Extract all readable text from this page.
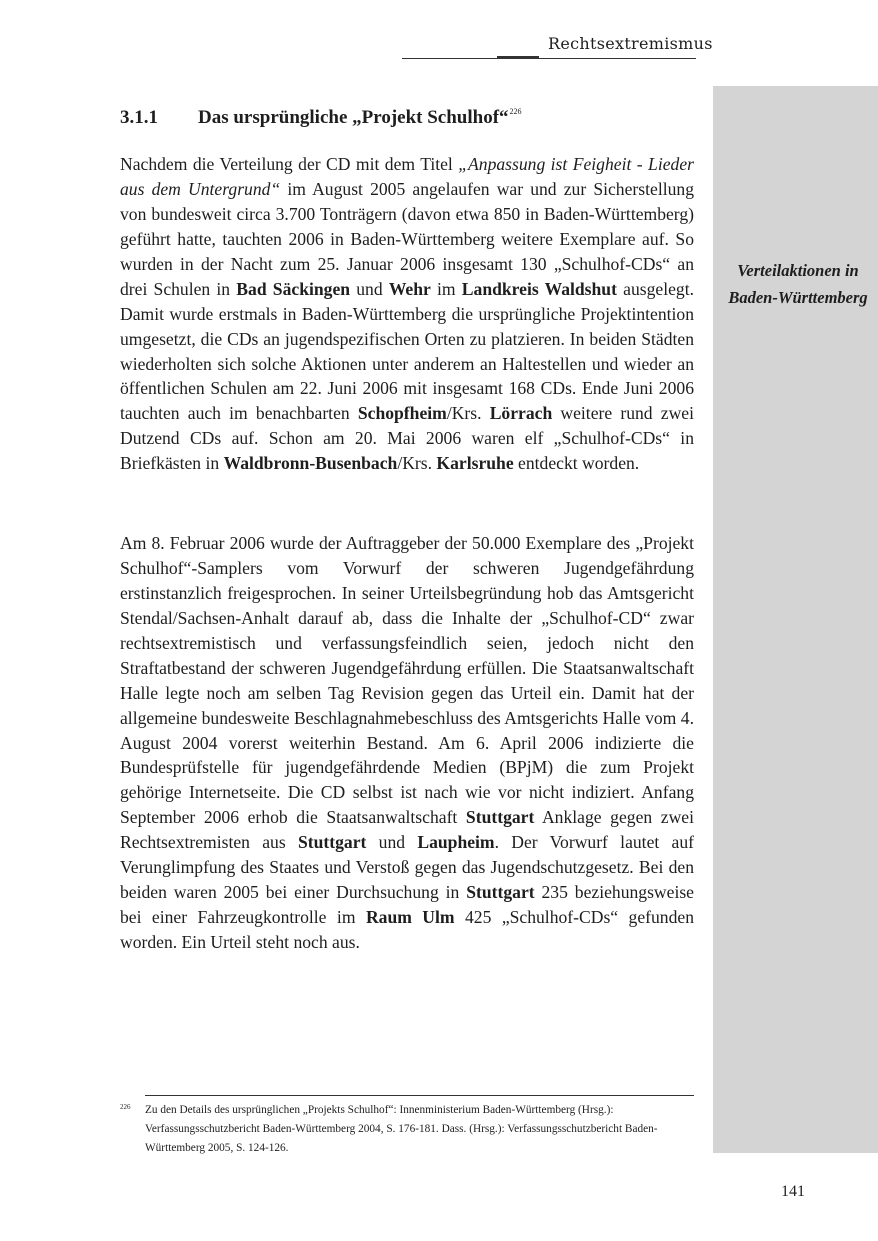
Rechtsextremismus
Verteilaktionen in Baden-Württemberg
3.1.1 Das ursprüngliche „Projekt Schulhof“$^{226}$

Nachdem die Verteilung der CD mit dem Titel „Anpassung ist Feigheit - Lieder aus dem Untergrund“ im August 2005 angelaufen war und zur Sicherstellung von bundesweit circa 3.700 Tonträgern (davon etwa 850 in Baden-Württemberg) geführt hatte, tauchten 2006 in Baden-Württemberg weitere Exemplare auf. So wurden in der Nacht zum 25. Januar 2006 insgesamt 130 „Schulhof-CDs“ an drei Schulen in Bad Säckingen und Wehr im Landkreis Waldshut ausgelegt. Damit wurde erstmals in Baden-Württemberg die ursprüngliche Projektintention umgesetzt, die CDs an jugendspezifischen Orten zu platzieren. In beiden Städten wiederholten sich solche Aktionen unter anderem an Haltestellen und wieder an öffentlichen Schulen am 22. Juni 2006 mit insgesamt 168 CDs. Ende Juni 2006 tauchten auch im benachbarten Schopfheim/Krs. Lörrach weitere rund zwei Dutzend CDs auf. Schon am 20. Mai 2006 waren elf „Schulhof-CDs“ in Briefkästen in Waldbronn-Busenbach/Krs. Karlsruhe entdeckt worden.

Am 8. Februar 2006 wurde der Auftraggeber der 50.000 Exemplare des „Projekt Schulhof“-Samplers vom Vorwurf der schweren Jugendgefährdung erstinstanzlich freigesprochen. In seiner Urteilsbegründung hob das Amtsgericht Stendal/Sachsen-Anhalt darauf ab, dass die Inhalte der „Schulhof-CD“ zwar rechtsextremistisch und verfassungsfeindlich seien, jedoch nicht den Straftatbestand der schweren Jugendgefährdung erfüllen. Die Staatsanwaltschaft Halle legte noch am selben Tag Revision gegen das Urteil ein. Damit hat der allgemeine bundesweite Beschlagnahmebeschluss des Amtsgerichts Halle vom 4. August 2004 vorerst weiterhin Bestand. Am 6. April 2006 indizierte die Bundesprüfstelle für jugendgefährdende Medien (BPjM) die zum Projekt gehörige Internetseite. Die CD selbst ist nach wie vor nicht indiziert. Anfang September 2006 erhob die Staatsanwaltschaft Stuttgart Anklage gegen zwei Rechtsextremisten aus Stuttgart und Laupheim. Der Vorwurf lautet auf Verunglimpfung des Staates und Verstoß gegen das Jugendschutzgesetz. Bei den beiden waren 2005 bei einer Durchsuchung in Stuttgart 235 beziehungsweise bei einer Fahrzeugkontrolle im Raum Ulm 425 „Schulhof-CDs“ gefunden worden. Ein Urteil steht noch aus.

226 Zu den Details des ursprünglichen „Projekts Schulhof“: Innenministerium Baden-Württemberg (Hrsg.): Verfassungsschutzbericht Baden-Württemberg 2004, S. 176-181. Dass. (Hrsg.): Verfassungsschutzbericht Baden-Württemberg 2005, S. 124-126.

141
